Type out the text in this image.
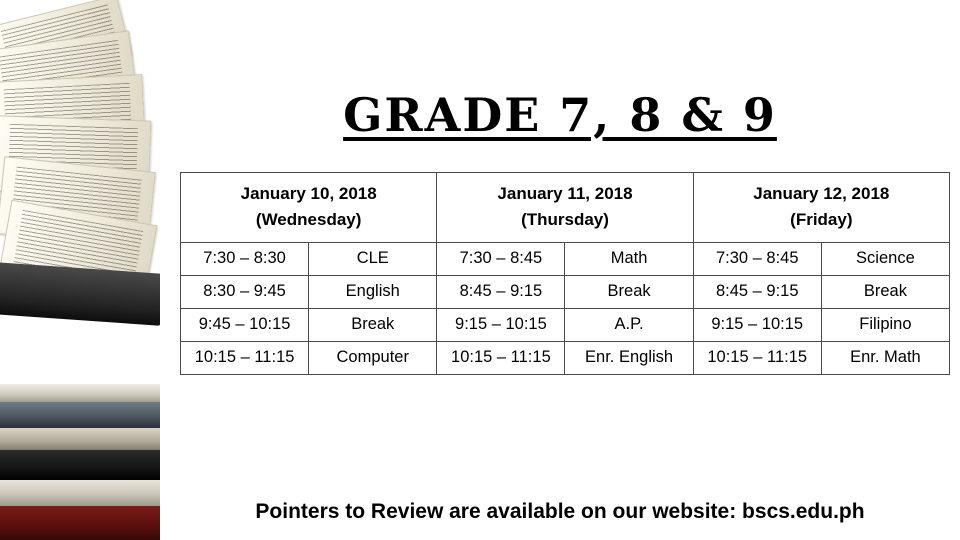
GRADE 7, 8 & 9
January 10, 2018
(Wednesday)

January 11, 2018
(Thursday)

January 12, 2018
(Friday)

7:30 – 8:30	CLE	7:30 – 8:45	Math	7:30 – 8:45	Science
8:30 – 9:45	English	8:45 – 9:15	Break	8:45 – 9:15	Break
9:45 – 10:15	Break	9:15 – 10:15	A.P.	9:15 – 10:15	Filipino
10:15 – 11:15	Computer	10:15 – 11:15	Enr. English	10:15 – 11:15	Enr. Math
Pointers to Review are available on our website: bscs.edu.ph
